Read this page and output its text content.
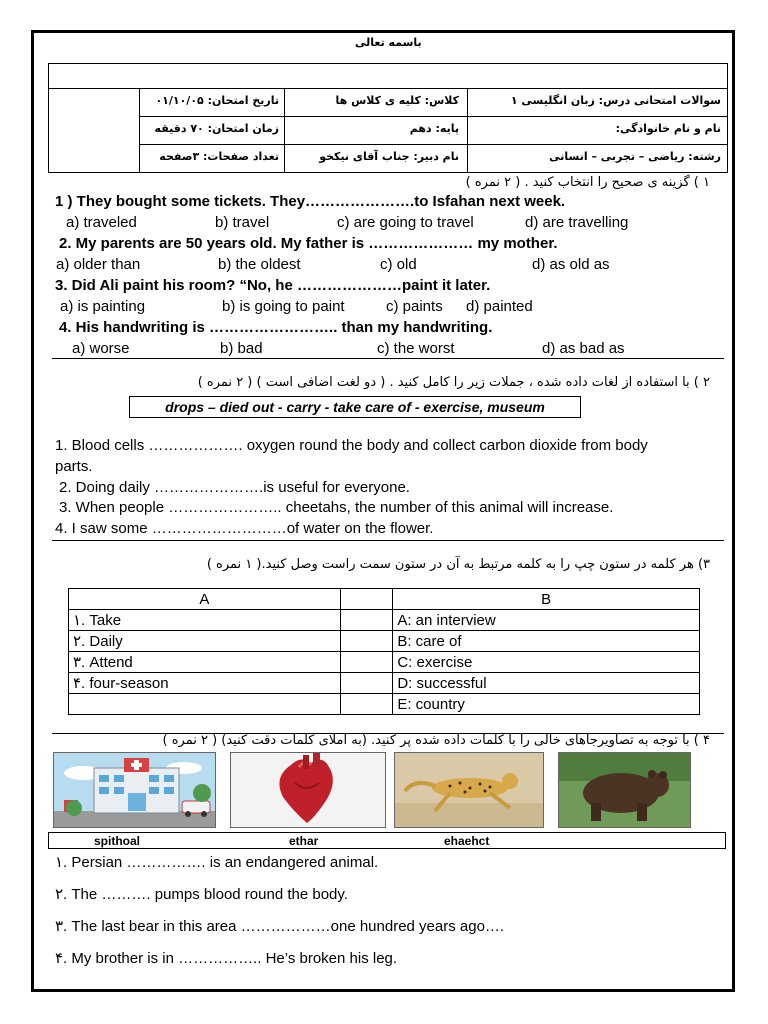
باسمه تعالی
سوالات امتحانی درس: زبان انگلیسی ۱
کلاس: کلیه ی کلاس ها
تاریخ امتحان: ۰۱/۱۰/۰۵
نام و نام خانوادگی:
پایه: دهم
زمان امتحان: ۷۰ دقیقه
رشته: ریاضی – تجربی – انسانی
نام دبیر: جناب آقای نیکخو
تعداد صفحات: ۳صفحه
۱ ) گزینه ی صحیح را انتخاب کنید . ( ۲ نمره )
1 ) They bought some tickets. They………………….to Isfahan next week.
a) traveled	b) travel	c) are going to travel	d) are travelling
2. My parents are 50 years old. My father is ………………… my mother.
a) older than	b) the oldest	c) old	d) as old as
3. Did Ali paint his room? “No, he …………………paint it later.
a) is painting	b) is going to paint	c) paints d) painted
4. His handwriting is …………………….. than my handwriting.
a) worse	b) bad	c) the worst	d) as bad as
۲ ) با استفاده از لغات داده شده ، جملات زیر را کامل کنید . ( دو لغت اضافی است ) ( ۲ نمره )
drops – died out - carry - take care of - exercise, museum
1. Blood cells ………………. oxygen round the body and collect carbon dioxide from body
parts.
2. Doing daily ………………….is useful for everyone.
3. When people ………………….. cheetahs, the number of this animal will increase.
4. I saw some ………………………of water on the flower.
۳) هر کلمه در ستون چپ را به کلمه مرتبط به آن در ستون سمت راست وصل کنید.( ۱ نمره )
A		B
۱. Take		A: an interview
۲. Daily		B: care of
۳. Attend		C: exercise
۴. four-season		D: successful
		E: country
۴ ) با توجه به تصاویرجاهای خالی را با کلمات داده شده پر کنید. (به املای کلمات دقت کنید) ( ۲ نمره )
spithoal	ethar	ehaehct
۱. Persian ……………. is an endangered animal.
۲. The ………. pumps blood round the body.
۳. The last bear in this area ………………one hundred years ago….
۴. My brother is in …………….. He’s broken his leg.
